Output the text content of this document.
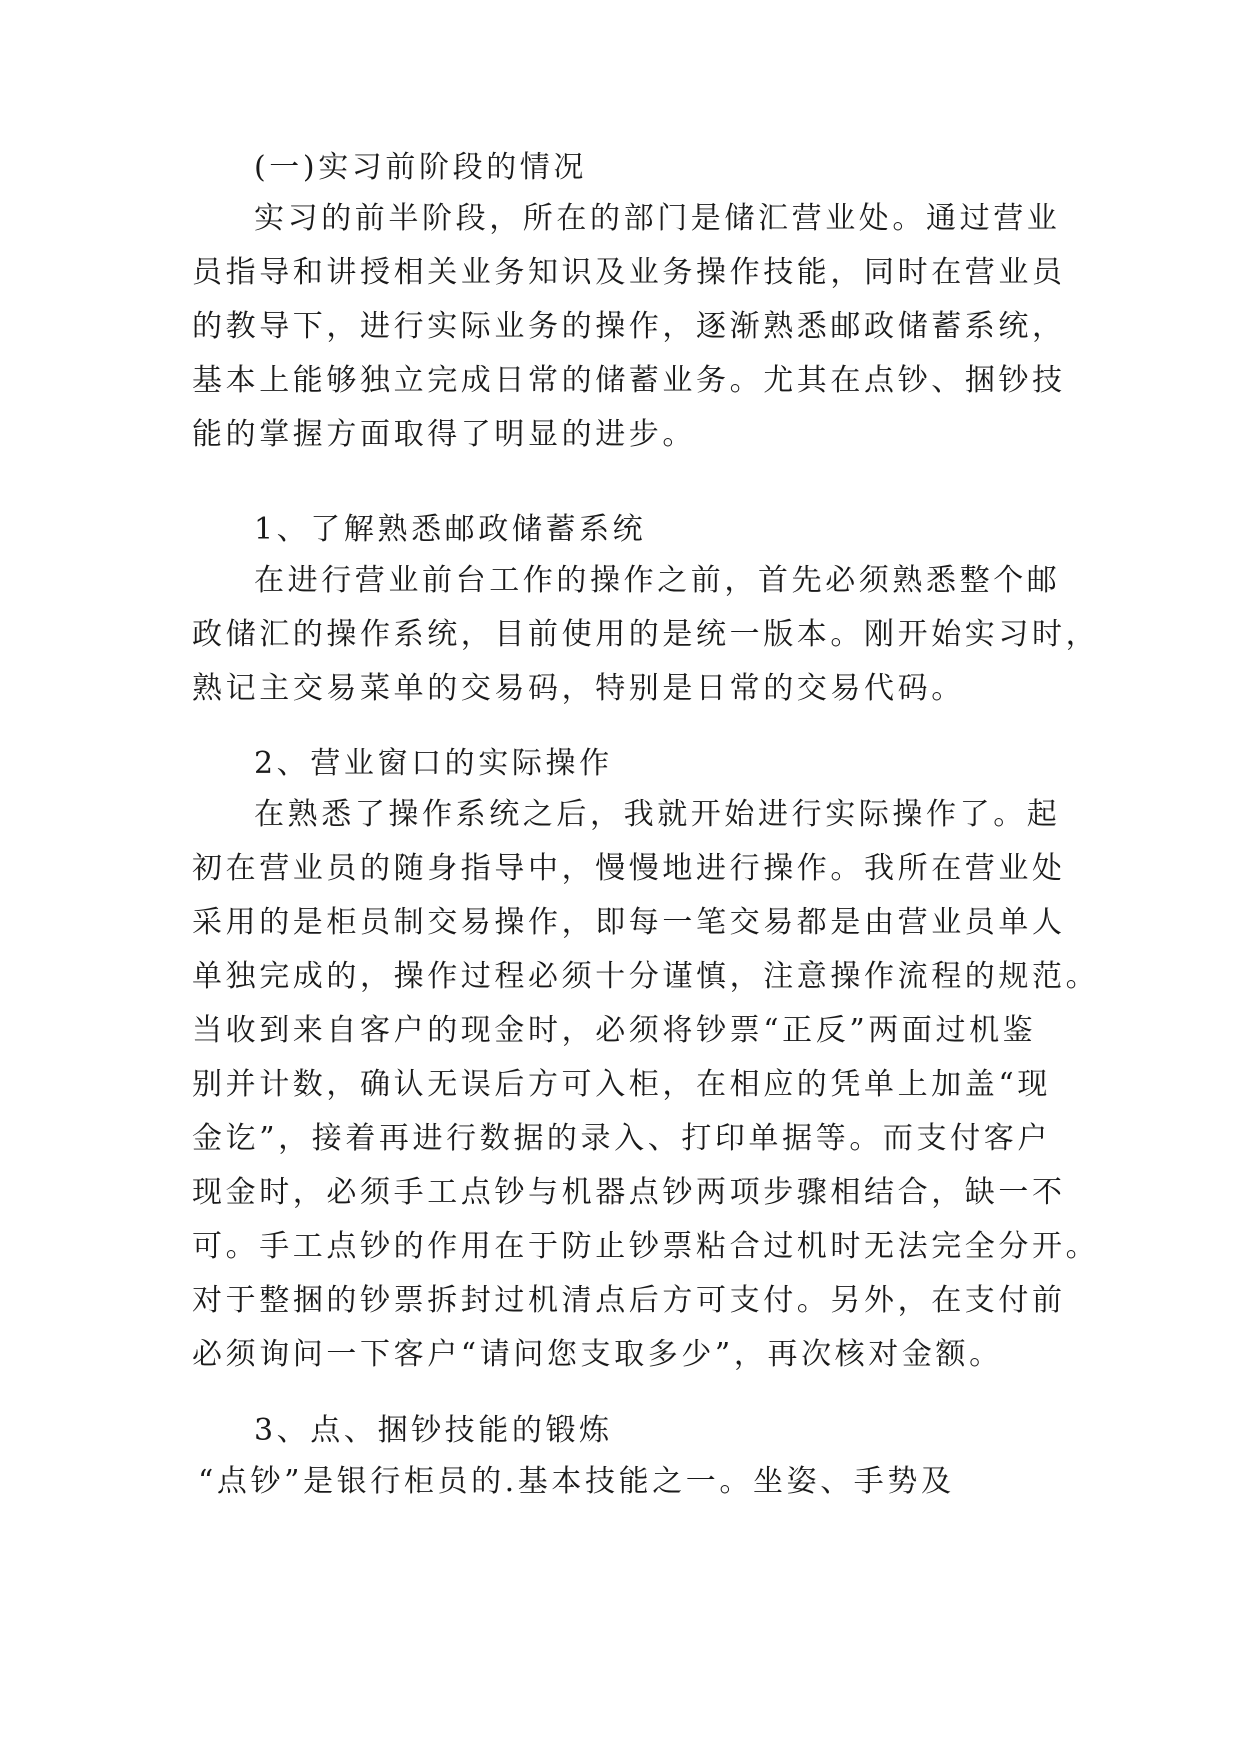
(一)实习前阶段的情况
实习的前半阶段，所在的部门是储汇营业处。通过营业
员指导和讲授相关业务知识及业务操作技能，同时在营业员
的教导下，进行实际业务的操作，逐渐熟悉邮政储蓄系统，
基本上能够独立完成日常的储蓄业务。尤其在点钞、捆钞技
能的掌握方面取得了明显的进步。
1、了解熟悉邮政储蓄系统
在进行营业前台工作的操作之前，首先必须熟悉整个邮
政储汇的操作系统，目前使用的是统一版本。刚开始实习时，
熟记主交易菜单的交易码，特别是日常的交易代码。
2、营业窗口的实际操作
在熟悉了操作系统之后，我就开始进行实际操作了。起
初在营业员的随身指导中，慢慢地进行操作。我所在营业处
采用的是柜员制交易操作，即每一笔交易都是由营业员单人
单独完成的，操作过程必须十分谨慎，注意操作流程的规范。
当收到来自客户的现金时，必须将钞票“正反”两面过机鉴
别并计数，确认无误后方可入柜，在相应的凭单上加盖“现
金讫”，接着再进行数据的录入、打印单据等。而支付客户
现金时，必须手工点钞与机器点钞两项步骤相结合，缺一不
可。手工点钞的作用在于防止钞票粘合过机时无法完全分开。
对于整捆的钞票拆封过机清点后方可支付。另外，在支付前
必须询问一下客户“请问您支取多少”，再次核对金额。
3、点、捆钞技能的锻炼
“点钞”是银行柜员的.基本技能之一。坐姿、手势及
